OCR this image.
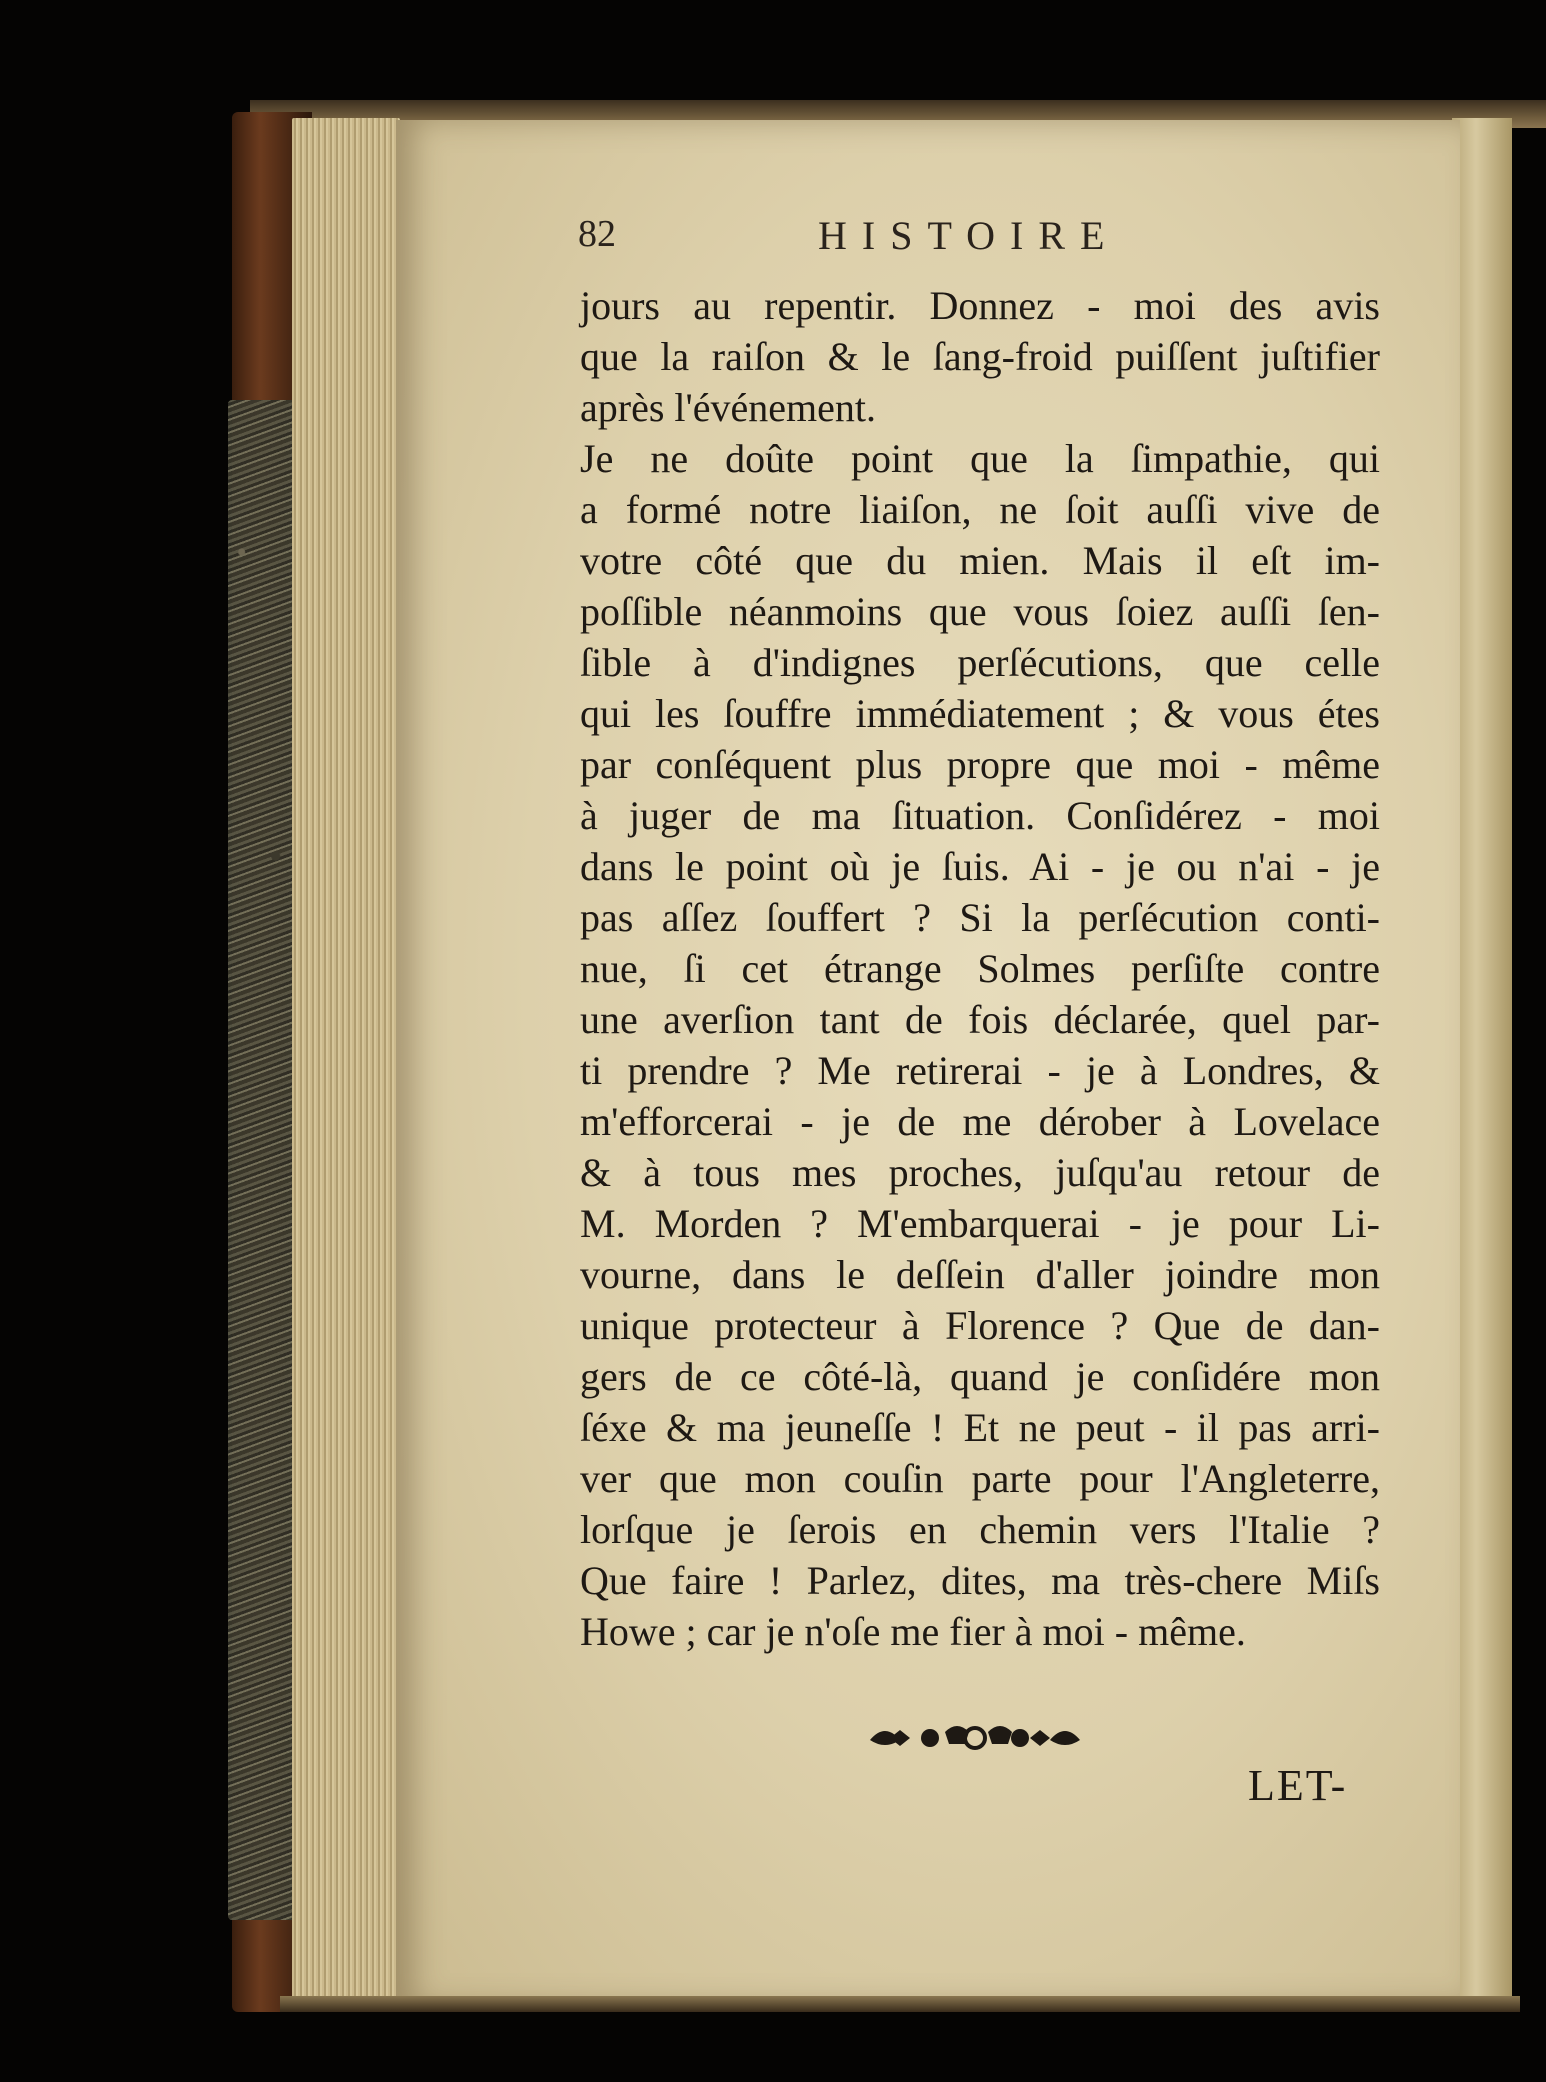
82	HISTOIRE
jours au repentir. Donnez - moi des avis
que la raiſon & le ſang-froid puiſſent juſtifier
après l'événement.
Je ne doûte point que la ſimpathie, qui
a formé notre liaiſon, ne ſoit auſſi vive de
votre côté que du mien. Mais il eſt im-
poſſible néanmoins que vous ſoiez auſſi ſen-
ſible à d'indignes perſécutions, que celle
qui les ſouffre immédiatement ; & vous étes
par conſéquent plus propre que moi - même
à juger de ma ſituation. Conſidérez - moi
dans le point où je ſuis. Ai - je ou n'ai - je
pas aſſez ſouffert ? Si la perſécution conti-
nue, ſi cet étrange Solmes perſiſte contre
une averſion tant de fois déclarée, quel par-
ti prendre ? Me retirerai - je à Londres, &
m'efforcerai - je de me dérober à Lovelace
& à tous mes proches, juſqu'au retour de
M. Morden ? M'embarquerai - je pour Li-
vourne, dans le deſſein d'aller joindre mon
unique protecteur à Florence ? Que de dan-
gers de ce côté-là, quand je conſidére mon
ſéxe & ma jeuneſſe ! Et ne peut - il pas arri-
ver que mon couſin parte pour l'Angleterre,
lorſque je ſerois en chemin vers l'Italie ?
Que faire ! Parlez, dites, ma très-chere Miſs
Howe ; car je n'oſe me fier à moi - même.
LET-
